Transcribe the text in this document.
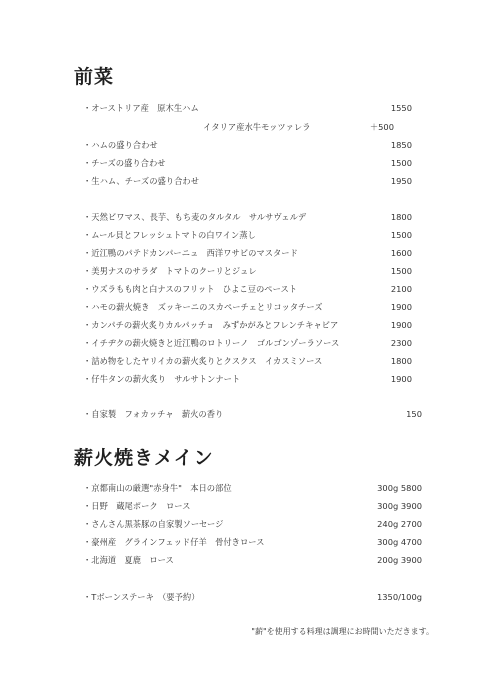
前菜
・オーストリア産　原木生ハム	1550
イタリア産水牛モッツァレラ	＋500
・ハムの盛り合わせ	1850
・チーズの盛り合わせ	1500
・生ハム、チーズの盛り合わせ	1950
・天然ビワマス、長芋、もち麦のタルタル　サルサヴェルデ	1800
・ムール貝とフレッシュトマトの白ワイン蒸し	1500
・近江鴨のパテドカンパーニュ　西洋ワサビのマスタード	1600
・美男ナスのサラダ　トマトのクーリとジュレ	1500
・ウズラもも肉と白ナスのフリット　ひよこ豆のペースト	2100
・ハモの薪火焼き　ズッキーニのスカペーチェとリコッタチーズ	1900
・カンパチの薪火炙りカルパッチョ　みずかがみとフレンチキャビア	1900
・イチヂクの薪火焼きと近江鴨のロトリーノ　ゴルゴンゾーラソース	2300
・詰め物をしたヤリイカの薪火炙りとクスクス　イカスミソース	1800
・仔牛タンの薪火炙り　サルサトンナート	1900
・自家製　フォカッチャ　薪火の香り	150
薪火焼きメイン
・京都南山の厳選"赤身牛"　本日の部位	300g 5800
・日野　蔵尾ポーク　ロース	300g 3900
・さんさん黒茶豚の自家製ソーセージ	240g 2700
・豪州産　グラインフェッド仔羊　骨付きロース	300g 4700
・北海道　夏鹿　ロース	200g 3900
・Tボーンステーキ　（要予約）	1350/100g
"薪"を使用する料理は調理にお時間いただきます。
